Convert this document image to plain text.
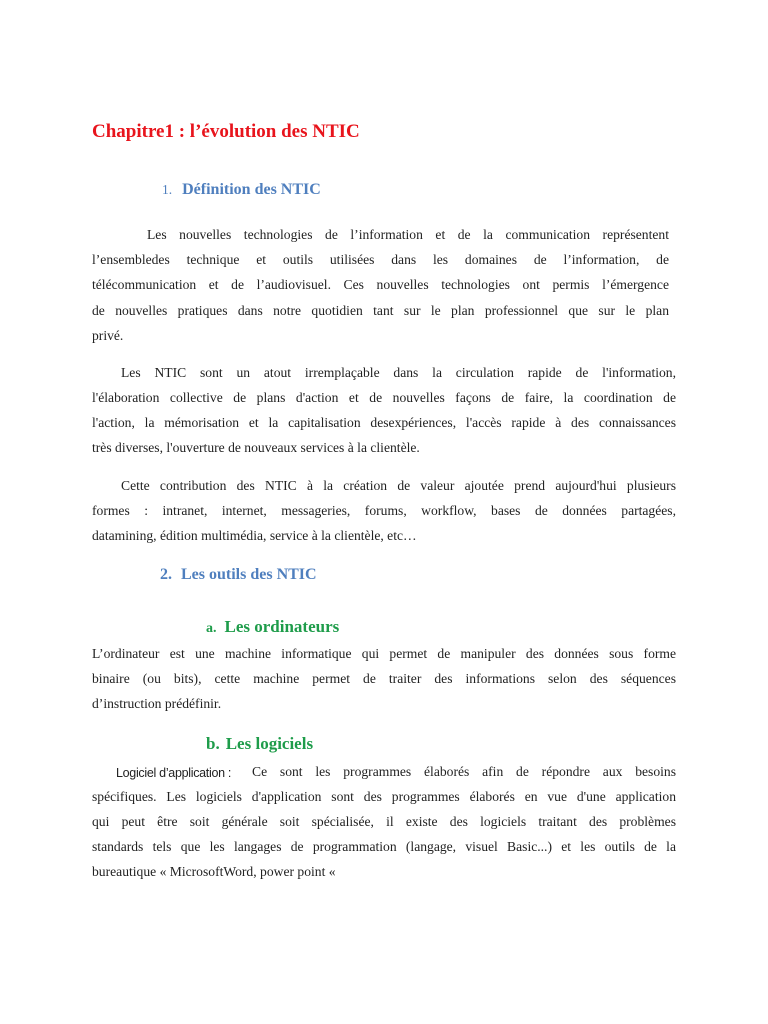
Chapitre1 : l’évolution des NTIC
1. Définition des NTIC

Les nouvelles technologies de l’information et de la communication représentent

l’ensembledes technique et outils utilisées dans les domaines de l’information, de

télécommunication et de l’audiovisuel. Ces nouvelles technologies ont permis l’émergence

de nouvelles pratiques dans notre quotidien tant sur le plan professionnel que sur le plan

privé.

Les NTIC sont un atout irremplaçable dans la circulation rapide de l'information,

l'élaboration collective de plans d'action et de nouvelles façons de faire, la coordination de

l'action, la mémorisation et la capitalisation desexpériences, l'accès rapide à des connaissances

très diverses, l'ouverture de nouveaux services à la clientèle.

Cette contribution des NTIC à la création de valeur ajoutée prend aujourd'hui plusieurs

formes : intranet, internet, messageries, forums, workflow, bases de données partagées,

datamining, édition multimédia, service à la clientèle, etc…

2. Les outils des NTIC
a. Les ordinateurs

L’ordinateur est une machine informatique qui permet de manipuler des données sous forme

binaire (ou bits), cette machine permet de traiter des informations selon des séquences

d’instruction prédéfinir.

b. Les logiciels

Logiciel d’application : Ce sont les programmes élaborés afin de répondre aux besoins

spécifiques. Les logiciels d'application sont des programmes élaborés en vue d'une application

qui peut être soit générale soit spécialisée, il existe des logiciels traitant des problèmes

standards tels que les langages de programmation (langage, visuel Basic...) et les outils de la

bureautique « MicrosoftWord, power point «
